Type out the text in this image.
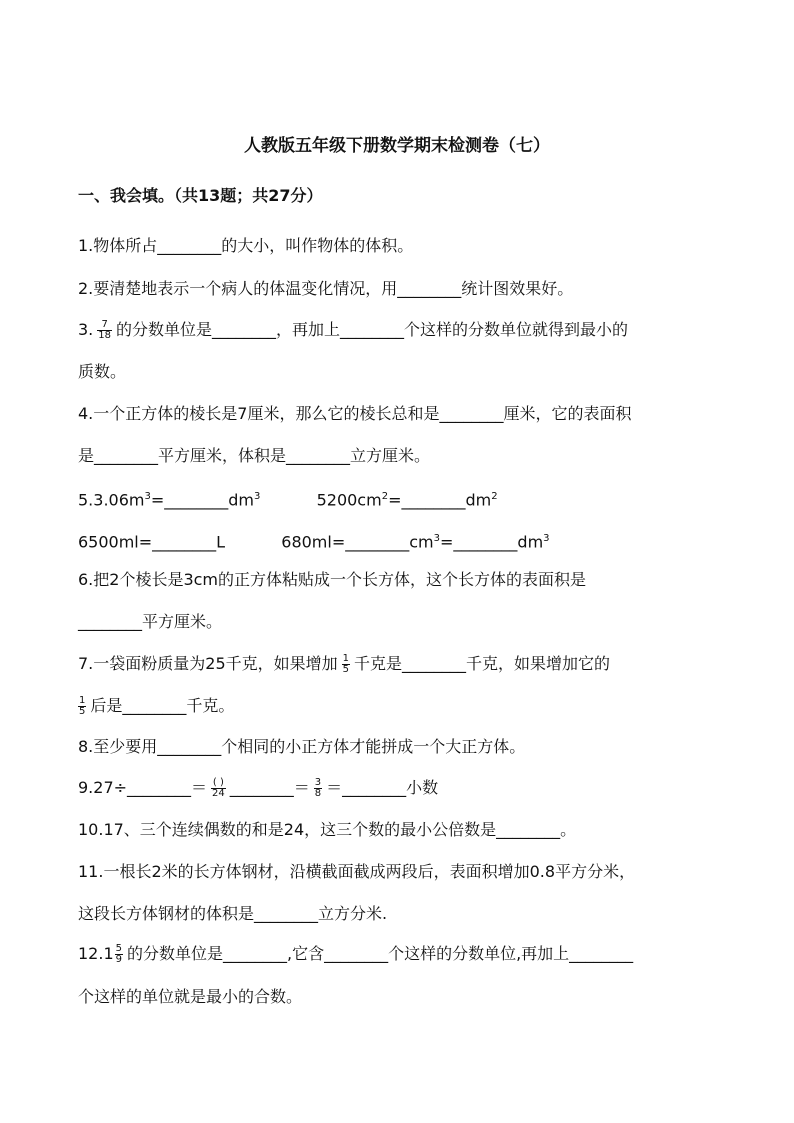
人教版五年级下册数学期末检测卷（七）
一、我会填。（共13题；共27分）
1.物体所占________的大小，叫作物体的体积。
2.要清楚地表示一个病人的体温变化情况，用________统计图效果好。
3. $\frac{7}{18}$ 的分数单位是________，再加上________个这样的分数单位就得到最小的
质数。
4.一个正方体的棱长是7厘米，那么它的棱长总和是________厘米，它的表面积
是________平方厘米，体积是________立方厘米。
$5.3.06m^3=\_\_\_\_\_\_\_\_dm^3$	$5200cm^2=\_\_\_\_\_\_\_\_dm^2$
6500ml=________L	$680ml=\_\_\_\_\_\_\_\_cm^3=\_\_\_\_\_\_\_\_dm^3$
6.把2个棱长是3cm的正方体粘贴成一个长方体，这个长方体的表面积是
________平方厘米。
7.一袋面粉质量为25千克，如果增加 $\frac{1}{5}$ 千克是________千克，如果增加它的
$\frac{1}{5}$ 后是________千克。
8.至少要用________个相同的小正方体才能拼成一个大正方体。
9.27÷________＝ $\frac{( )}{24}$ ________＝ $\frac{3}{8}$ ＝________小数
10.17、三个连续偶数的和是24，这三个数的最小公倍数是________。
11.一根长2米的长方体钢材，沿横截面截成两段后，表面积增加0.8平方分米，
这段长方体钢材的体积是________立方分米.
$12.1 \frac{5}{9}$ 的分数单位是________,它含________个这样的分数单位,再加上________
个这样的单位就是最小的合数。
